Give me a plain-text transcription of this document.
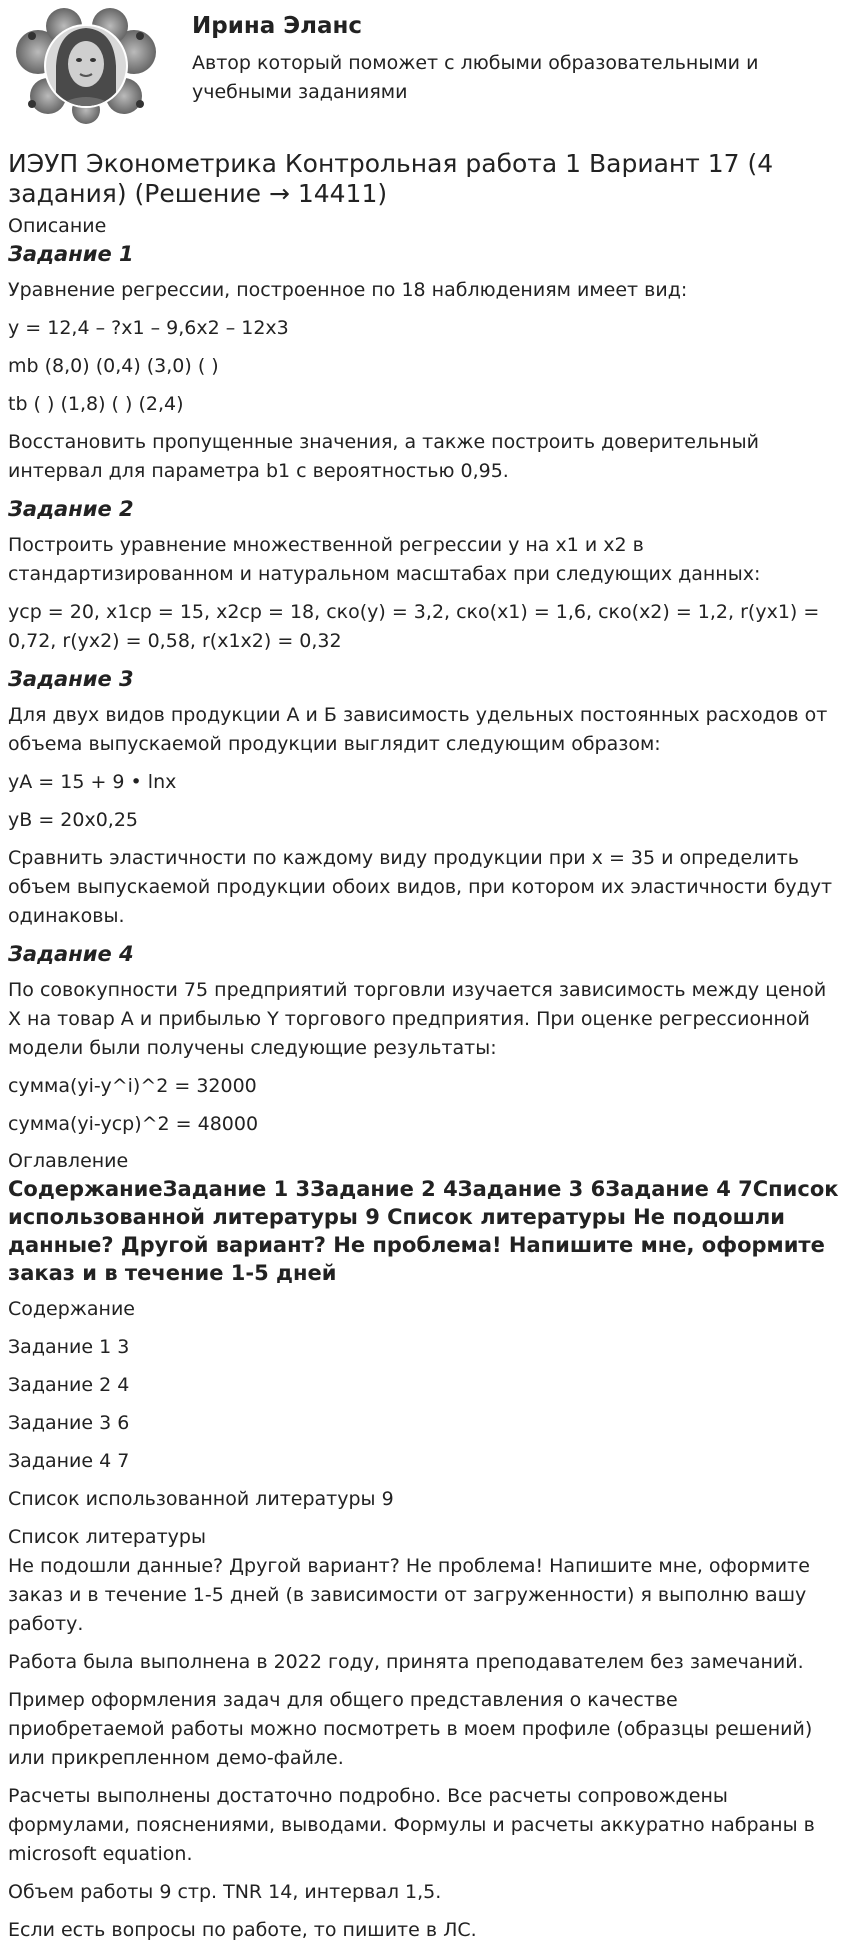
Ирина Эланс
Автор который поможет с любыми образовательными и учебными заданиями
ИЭУП Эконометрика Контрольная работа 1 Вариант 17 (4 задания) (Решение → 14411)
Описание
Задание 1

Уравнение регрессии, построенное по 18 наблюдениям имеет вид:

y = 12,4 – ?x1 – 9,6x2 – 12x3

mb (8,0) (0,4) (3,0) ( )

tb ( ) (1,8) ( ) (2,4)

Восстановить пропущенные значения, а также построить доверительный интервал для параметра b1 с вероятностью 0,95.

Задание 2

Построить уравнение множественной регрессии y на x1 и x2 в стандартизированном и натуральном масштабах при следующих данных:

yср = 20, x1ср = 15, x2ср = 18, ско(y) = 3,2, ско(x1) = 1,6, ско(x2) = 1,2, r(yx1) = 0,72, r(yx2) = 0,58, r(x1x2) = 0,32

Задание 3

Для двух видов продукции А и Б зависимость удельных постоянных расходов от объема выпускаемой продукции выглядит следующим образом:

yA = 15 + 9 • lnx

yB = 20x0,25

Сравнить эластичности по каждому виду продукции при x = 35 и определить объем выпускаемой продукции обоих видов, при котором их эластичности будут одинаковы.

Задание 4

По совокупности 75 предприятий торговли изучается зависимость между ценой X на товар А и прибылью Y торгового предприятия. При оценке регрессионной модели были получены следующие результаты:

сумма(yi-y^i)^2 = 32000

сумма(yi-yср)^2 = 48000

Оглавление
СодержаниеЗадание 1 3Задание 2 4Задание 3 6Задание 4 7Список использованной литературы 9 Список литературы Не подошли данные? Другой вариант? Не проблема! Напишите мне, оформите заказ и в течение 1-5 дней

Содержание

Задание 1 3

Задание 2 4

Задание 3 6

Задание 4 7

Список использованной литературы 9

Список литературы

Не подошли данные? Другой вариант? Не проблема! Напишите мне, оформите заказ и в течение 1-5 дней (в зависимости от загруженности) я выполню вашу работу.

Работа была выполнена в 2022 году, принята преподавателем без замечаний.

Пример оформления задач для общего представления о качестве приобретаемой работы можно посмотреть в моем профиле (образцы решений) или прикрепленном демо-файле.

Расчеты выполнены достаточно подробно. Все расчеты сопровождены формулами, пояснениями, выводами. Формулы и расчеты аккуратно набраны в microsoft equation.

Объем работы 9 стр. TNR 14, интервал 1,5.

Если есть вопросы по работе, то пишите в ЛС.
